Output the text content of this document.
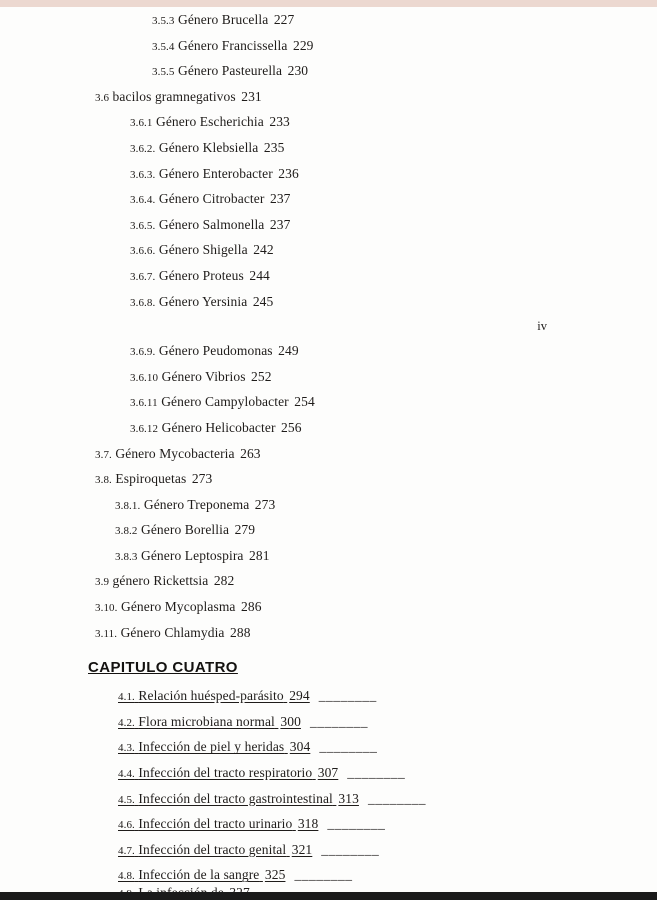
3.5.3 Género Brucella 227
3.5.4 Género Francissella 229
3.5.5 Género Pasteurella 230
3.6 bacilos gramnegativos 231
3.6.1 Género Escherichia 233
3.6.2. Género Klebsiella 235
3.6.3. Género Enterobacter 236
3.6.4. Género Citrobacter 237
3.6.5. Género Salmonella 237
3.6.6. Género Shigella 242
3.6.7. Género Proteus 244
3.6.8. Género Yersinia 245
iv
3.6.9. Género Peudomonas 249
3.6.10 Género Vibrios 252
3.6.11 Género Campylobacter 254
3.6.12 Género Helicobacter 256
3.7. Género Mycobacteria 263
3.8. Espiroquetas 273
3.8.1. Género Treponema 273
3.8.2 Género Borellia 279
3.8.3 Género Leptospira 281
3.9 género Rickettsia 282
3.10. Género Mycoplasma 286
3.11. Género Chlamydia 288
CAPITULO CUATRO
4.1. Relación huésped-parásito 294 ________
4.2. Flora microbiana normal 300 ________
4.3. Infección de piel y heridas 304 ________
4.4. Infección del tracto respiratorio 307 ________
4.5. Infección del tracto gastrointestinal 313 ________
4.6. Infección del tracto urinario 318 ________
4.7. Infección del tracto genital 321 ________
4.8. Infección de la sangre 325 ________
